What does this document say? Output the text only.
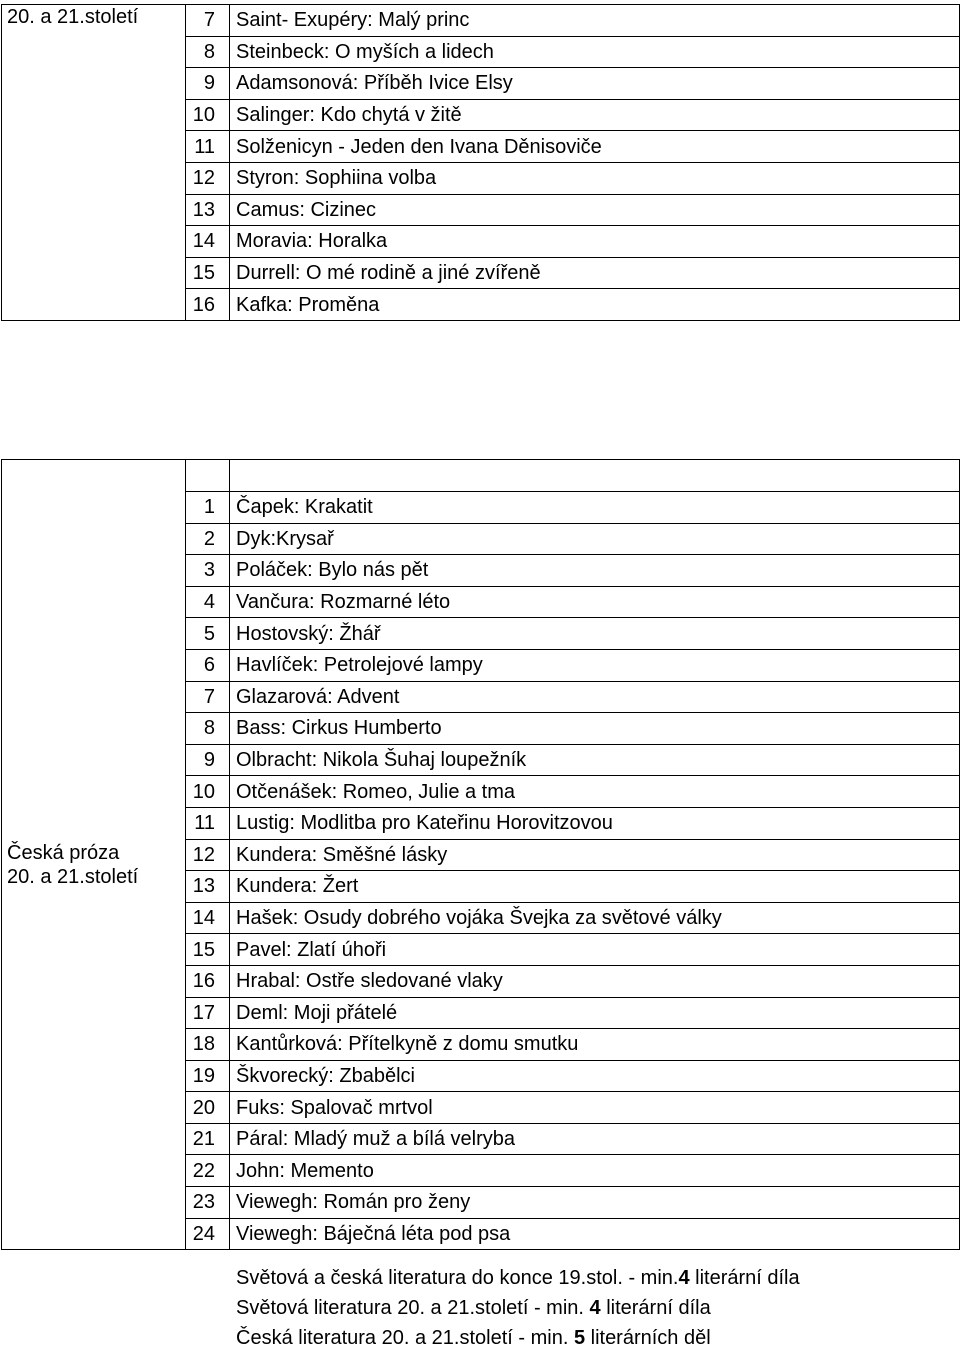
20. a 21.století	7	Saint- Exupéry: Malý princ
	8	Steinbeck: O myších a lidech
	9	Adamsonová: Příběh Ivice Elsy
	10	Salinger: Kdo chytá v žitě
	11	Solženicyn - Jeden den Ivana Děnisoviče
	12	Styron: Sophiina volba
	13	Camus: Cizinec
	14	Moravia: Horalka
	15	Durrell: O mé rodině a jiné zvířeně
	16	Kafka: Proměna
Česká próza
20. a 21.století		

	1	Čapek: Krakatit
	2	Dyk:Krysař
	3	Poláček: Bylo nás pět
	4	Vančura: Rozmarné léto
	5	Hostovský: Žhář
	6	Havlíček: Petrolejové lampy
	7	Glazarová: Advent
	8	Bass: Cirkus Humberto
	9	Olbracht: Nikola Šuhaj loupežník
	10	Otčenášek: Romeo, Julie a tma
	11	Lustig: Modlitba pro Kateřinu Horovitzovou
	12	Kundera: Směšné lásky
	13	Kundera: Žert
	14	Hašek: Osudy dobrého vojáka Švejka za světové války
	15	Pavel: Zlatí úhoři
	16	Hrabal: Ostře sledované vlaky
	17	Deml: Moji přátelé
	18	Kantůrková: Přítelkyně z domu smutku
	19	Škvorecký: Zbabělci
	20	Fuks: Spalovač mrtvol
	21	Páral: Mladý muž a bílá velryba
	22	John: Memento
	23	Viewegh: Román pro ženy
	24	Viewegh: Báječná léta pod psa
Světová a česká literatura do konce 19.stol. - min.4 literární díla
Světová literatura 20. a 21.století - min. 4 literární díla
Česká literatura 20. a 21.století - min. 5 literárních děl
